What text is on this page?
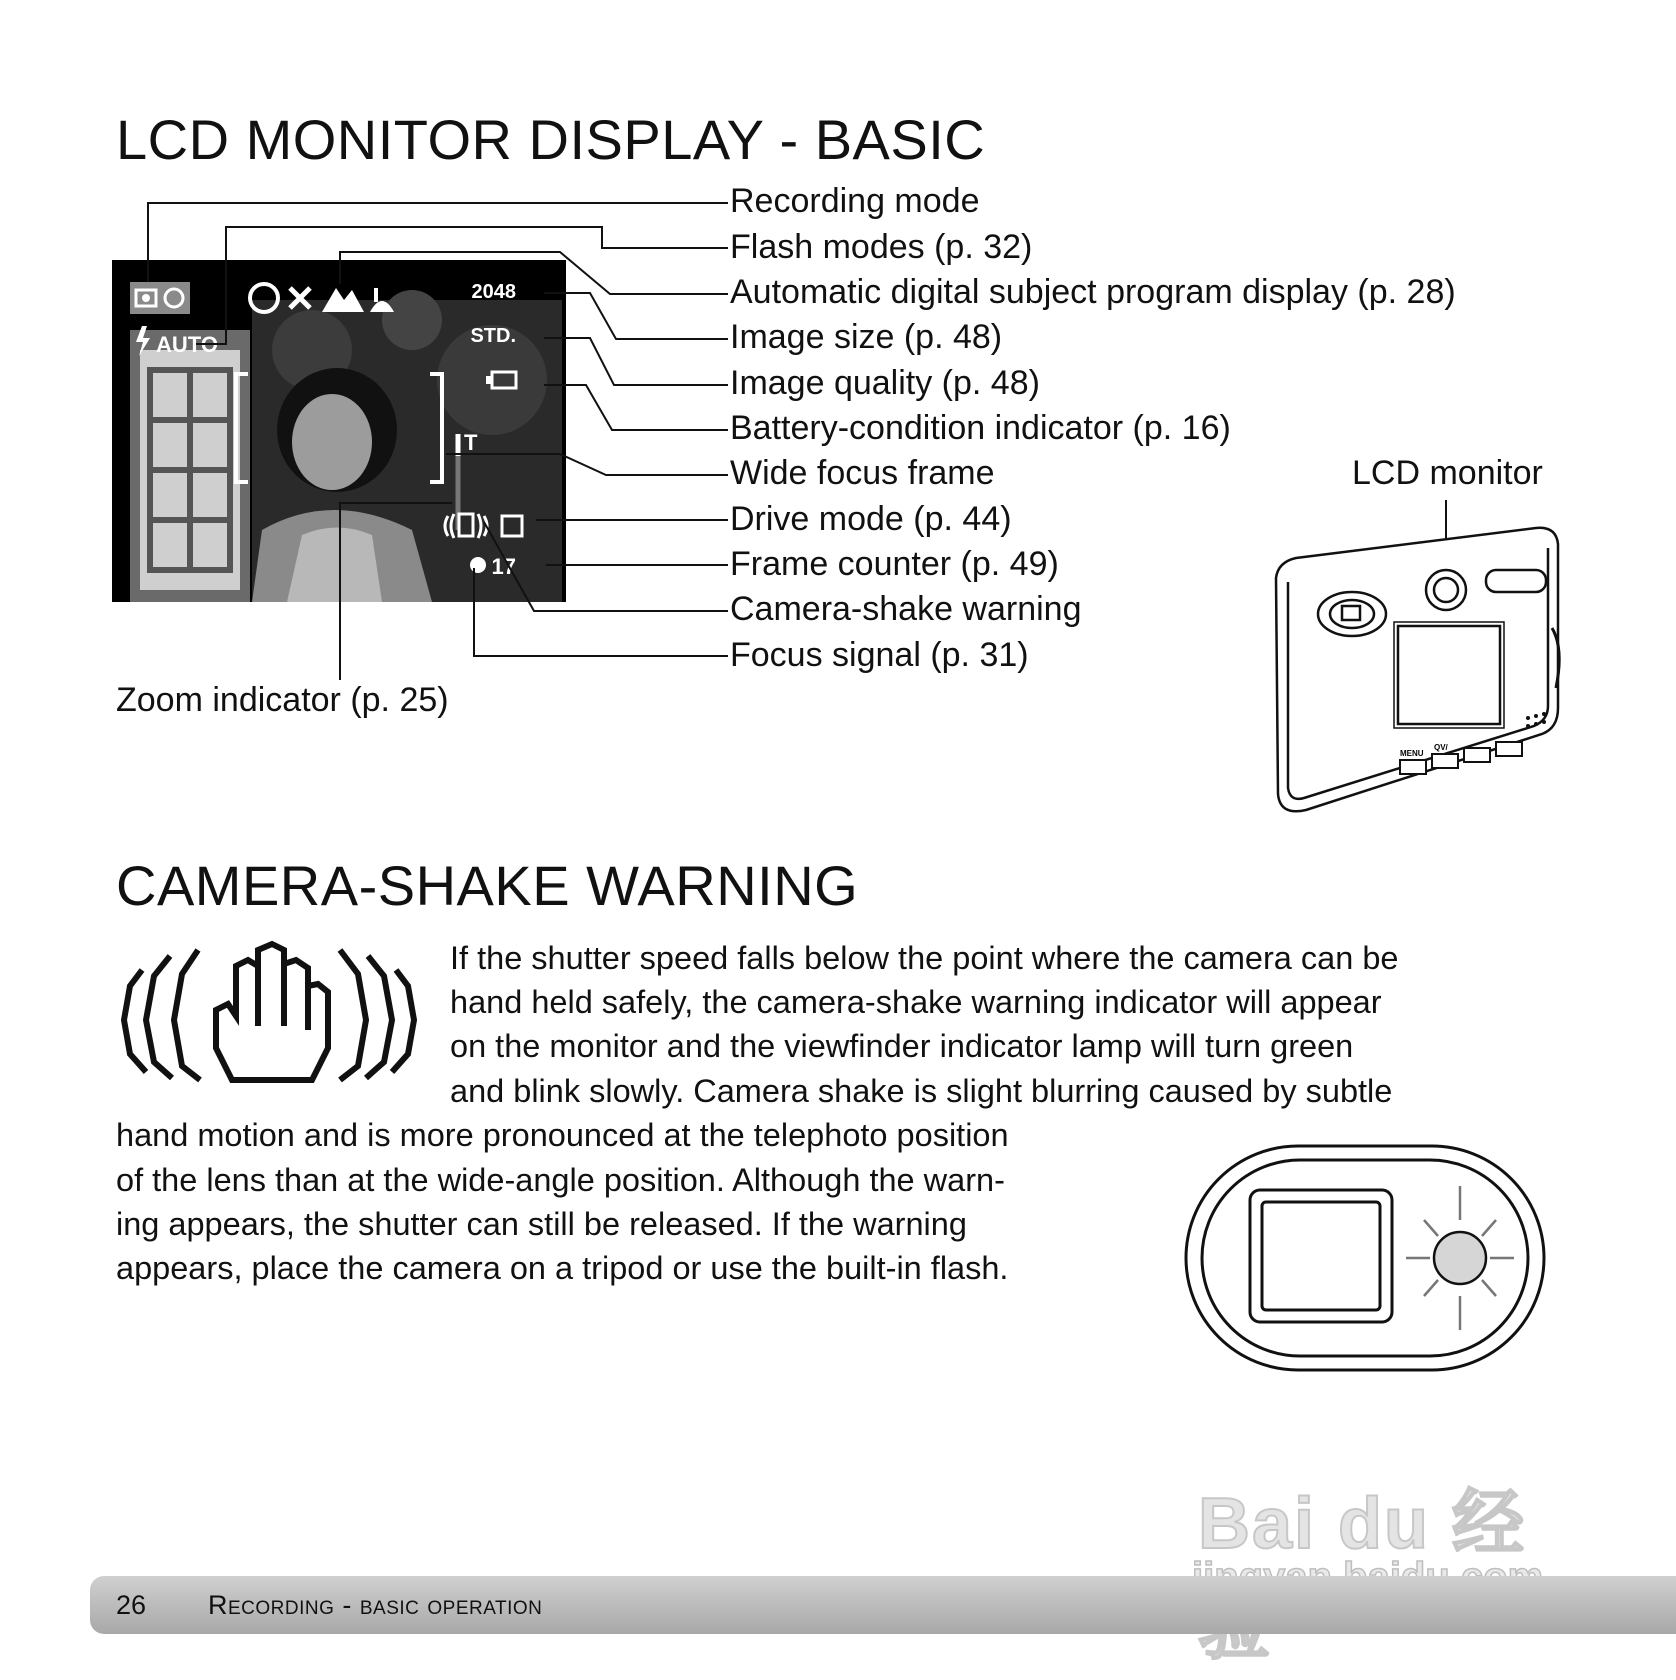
LCD MONITOR DISPLAY - BASIC
AUTO
2048
STD.
T
17
Recording mode
Flash modes (p. 32)
Automatic digital subject program display (p. 28)
Image size (p. 48)
Image quality (p. 48)
Battery-condition indicator (p. 16)
Wide focus frame
Drive mode (p. 44)
Frame counter (p. 49)
Camera-shake warning
Focus signal (p. 31)
Zoom indicator (p. 25)
LCD monitor
MENU
QV/
CAMERA-SHAKE WARNING
If the shutter speed falls below the point where the camera can be
hand held safely, the camera-shake warning indicator will appear
on the monitor and the viewfinder indicator lamp will turn green
and blink slowly. Camera shake is slight blurring caused by subtle
hand motion and is more pronounced at the telephoto position
of the lens than at the wide-angle position. Although the warn-
ing appears, the shutter can still be released. If the warning
appears, place the camera on a tripod or use the built-in flash.
Bai du 经
26 Recording - basic operation
